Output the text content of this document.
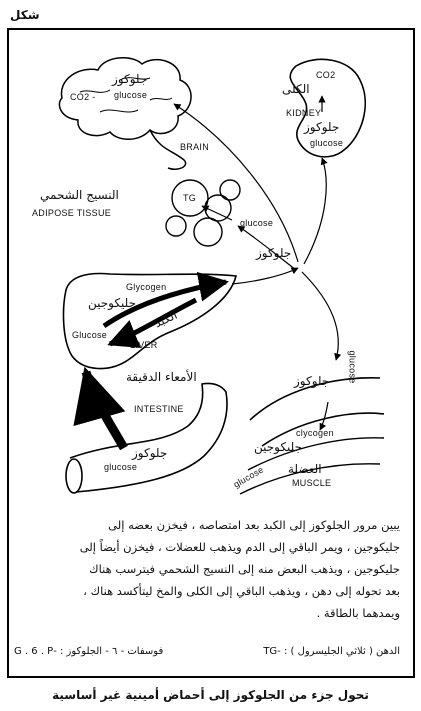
شكل
جلوكوز
CO2 - glucose
BRAIN
CO2
الكلى
KIDNEY
جلوكوز
glucose
النسيج الشحمي
ADIPOSE TISSUE
TG
glucose
جلوكوز
Glycogen
جليكوجين
الكبد
Glucose
LIVER
الأمعاء الدقيقة
INTESTINE
جلوكوز
glucose
glucose
جلوكوز
clycogen
جليكوجين
العضلة
MUSCLE
glucose

يبين مرور الجلوكوز إلى الكبد بعد امتصاصه ، فيخزن بعضه إلى

جليكوجين ، ويمر الباقي إلى الدم ويذهب للعضلات ، فيخزن أيضاً إلى

جليكوجين ، ويذهب البعض منه إلى النسيج الشحمي فيترسب هناك

بعد تحوله إلى دهن ، ويذهب الباقي إلى الكلى والمخ ليتأكسد هناك ،

ويمدهما بالطاقة .

الدهن ( ثلاثي الجليسرول ) : -TG
فوسفات - ٦ - الجلوكوز : -G . 6 . P
تحول جزء من الجلوكوز إلى أحماض أمينية غير أساسية
